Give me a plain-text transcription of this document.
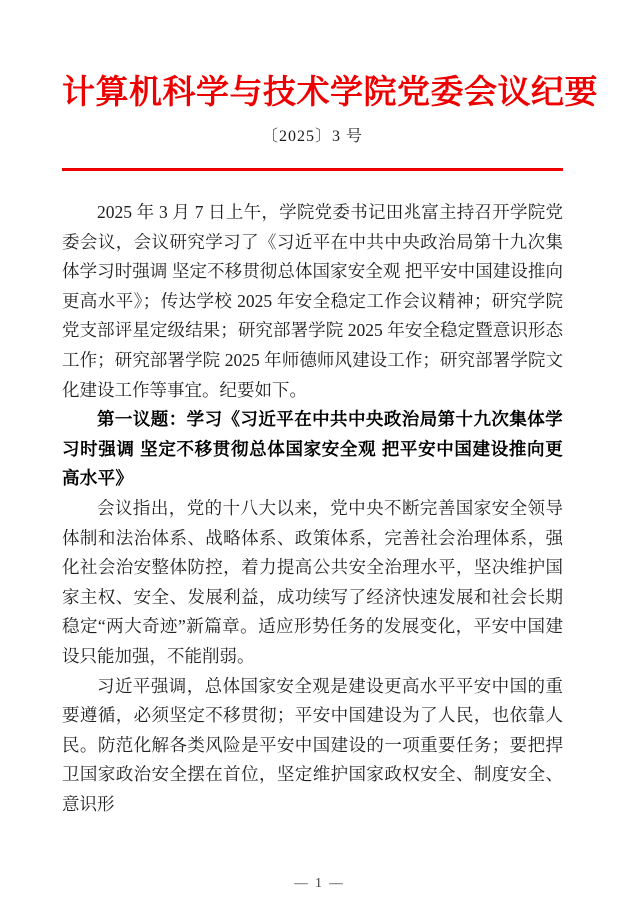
计算机科学与技术学院党委会议纪要
〔2025〕3 号

2025 年 3 月 7 日上午，学院党委书记田兆富主持召开学院党委会议，会议研究学习了《习近平在中共中央政治局第十九次集体学习时强调 坚定不移贯彻总体国家安全观 把平安中国建设推向更高水平》；传达学校 2025 年安全稳定工作会议精神；研究学院党支部评星定级结果；研究部署学院 2025 年安全稳定暨意识形态工作；研究部署学院 2025 年师德师风建设工作；研究部署学院文化建设工作等事宜。纪要如下。

第一议题：学习《习近平在中共中央政治局第十九次集体学习时强调 坚定不移贯彻总体国家安全观 把平安中国建设推向更高水平》

会议指出，党的十八大以来，党中央不断完善国家安全领导体制和法治体系、战略体系、政策体系，完善社会治理体系，强化社会治安整体防控，着力提高公共安全治理水平，坚决维护国家主权、安全、发展利益，成功续写了经济快速发展和社会长期稳定“两大奇迹”新篇章。适应形势任务的发展变化，平安中国建设只能加强，不能削弱。

习近平强调，总体国家安全观是建设更高水平平安中国的重要遵循，必须坚定不移贯彻；平安中国建设为了人民，也依靠人民。防范化解各类风险是平安中国建设的一项重要任务；要把捍卫国家政治安全摆在首位，坚定维护国家政权安全、制度安全、意识形

— 1 —
